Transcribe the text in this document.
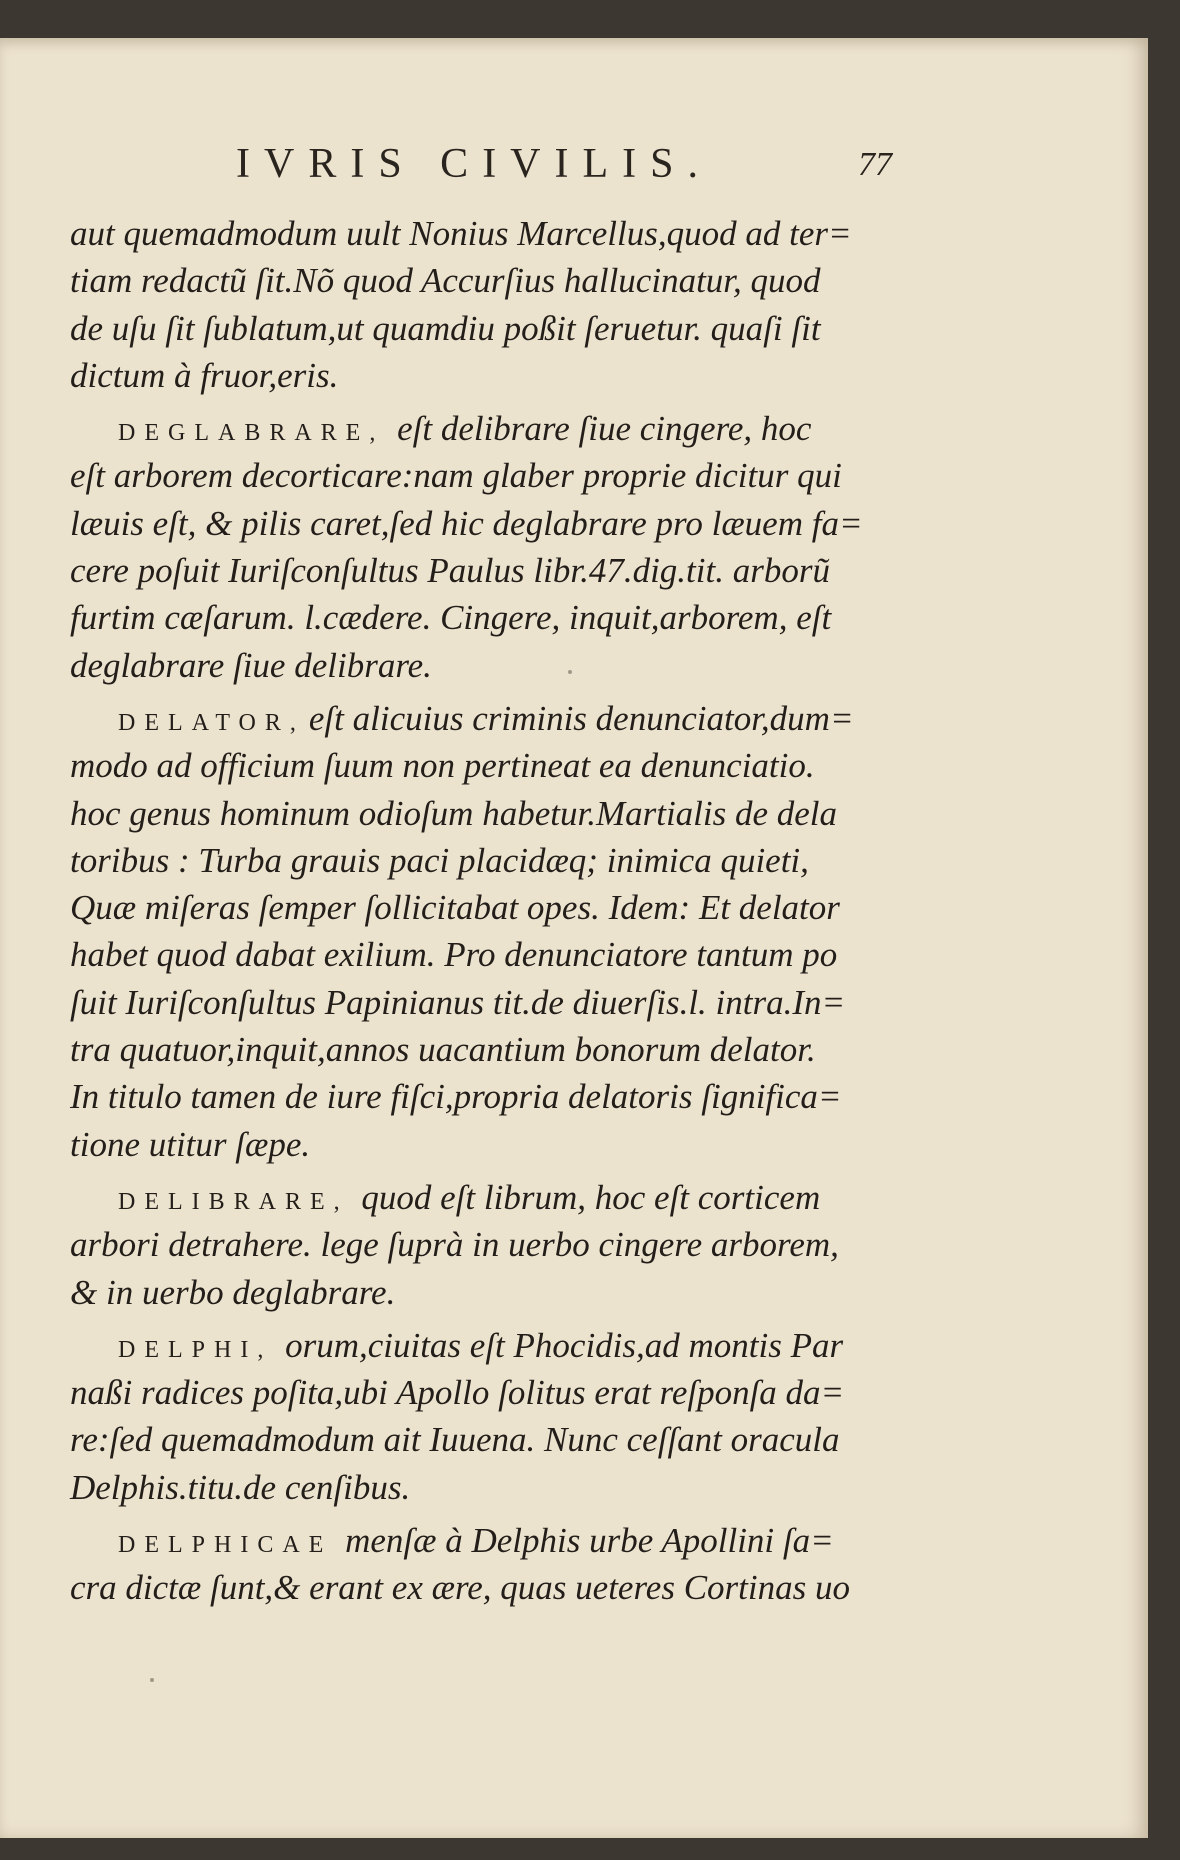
IVRIS CIVILIS.	77
aut quemadmodum uult Nonius Marcellus,quod ad ter=
tiam redactũ ſit.Nõ quod Accurſius hallucinatur, quod
de uſu ſit ſublatum,ut quamdiu poßit ſeruetur. quaſi ſit
dictum à fruor,eris.
DEGLABRARE, eſt delibrare ſiue cingere, hoc
eſt arborem decorticare:nam glaber proprie dicitur qui
læuis eſt, & pilis caret,ſed hic deglabrare pro læuem fa=
cere poſuit Iuriſconſultus Paulus libr.47.dig.tit. arborũ
furtim cæſarum. l.cædere. Cingere, inquit,arborem, eſt
deglabrare ſiue delibrare.
DELATOR, eſt alicuius criminis denunciator,dum=
modo ad officium ſuum non pertineat ea denunciatio.
hoc genus hominum odioſum habetur.Martialis de dela
toribus : Turba grauis paci placidæq; inimica quieti,
Quæ miſeras ſemper ſollicitabat opes. Idem: Et delator
habet quod dabat exilium. Pro denunciatore tantum po
ſuit Iuriſconſultus Papinianus tit.de diuerſis.l. intra.In=
tra quatuor,inquit,annos uacantium bonorum delator.
In titulo tamen de iure fiſci,propria delatoris ſignifica=
tione utitur ſæpe.
DELIBRARE, quod eſt librum, hoc eſt corticem
arbori detrahere. lege ſuprà in uerbo cingere arborem,
& in uerbo deglabrare.
DELPHI, orum,ciuitas eſt Phocidis,ad montis Par
naßi radices poſita,ubi Apollo ſolitus erat reſponſa da=
re:ſed quemadmodum ait Iuuena. Nunc ceſſant oracula
Delphis.titu.de cenſibus.
DELPHICAE menſæ à Delphis urbe Apollini ſa=
cra dictæ ſunt,& erant ex ære, quas ueteres Cortinas uo
